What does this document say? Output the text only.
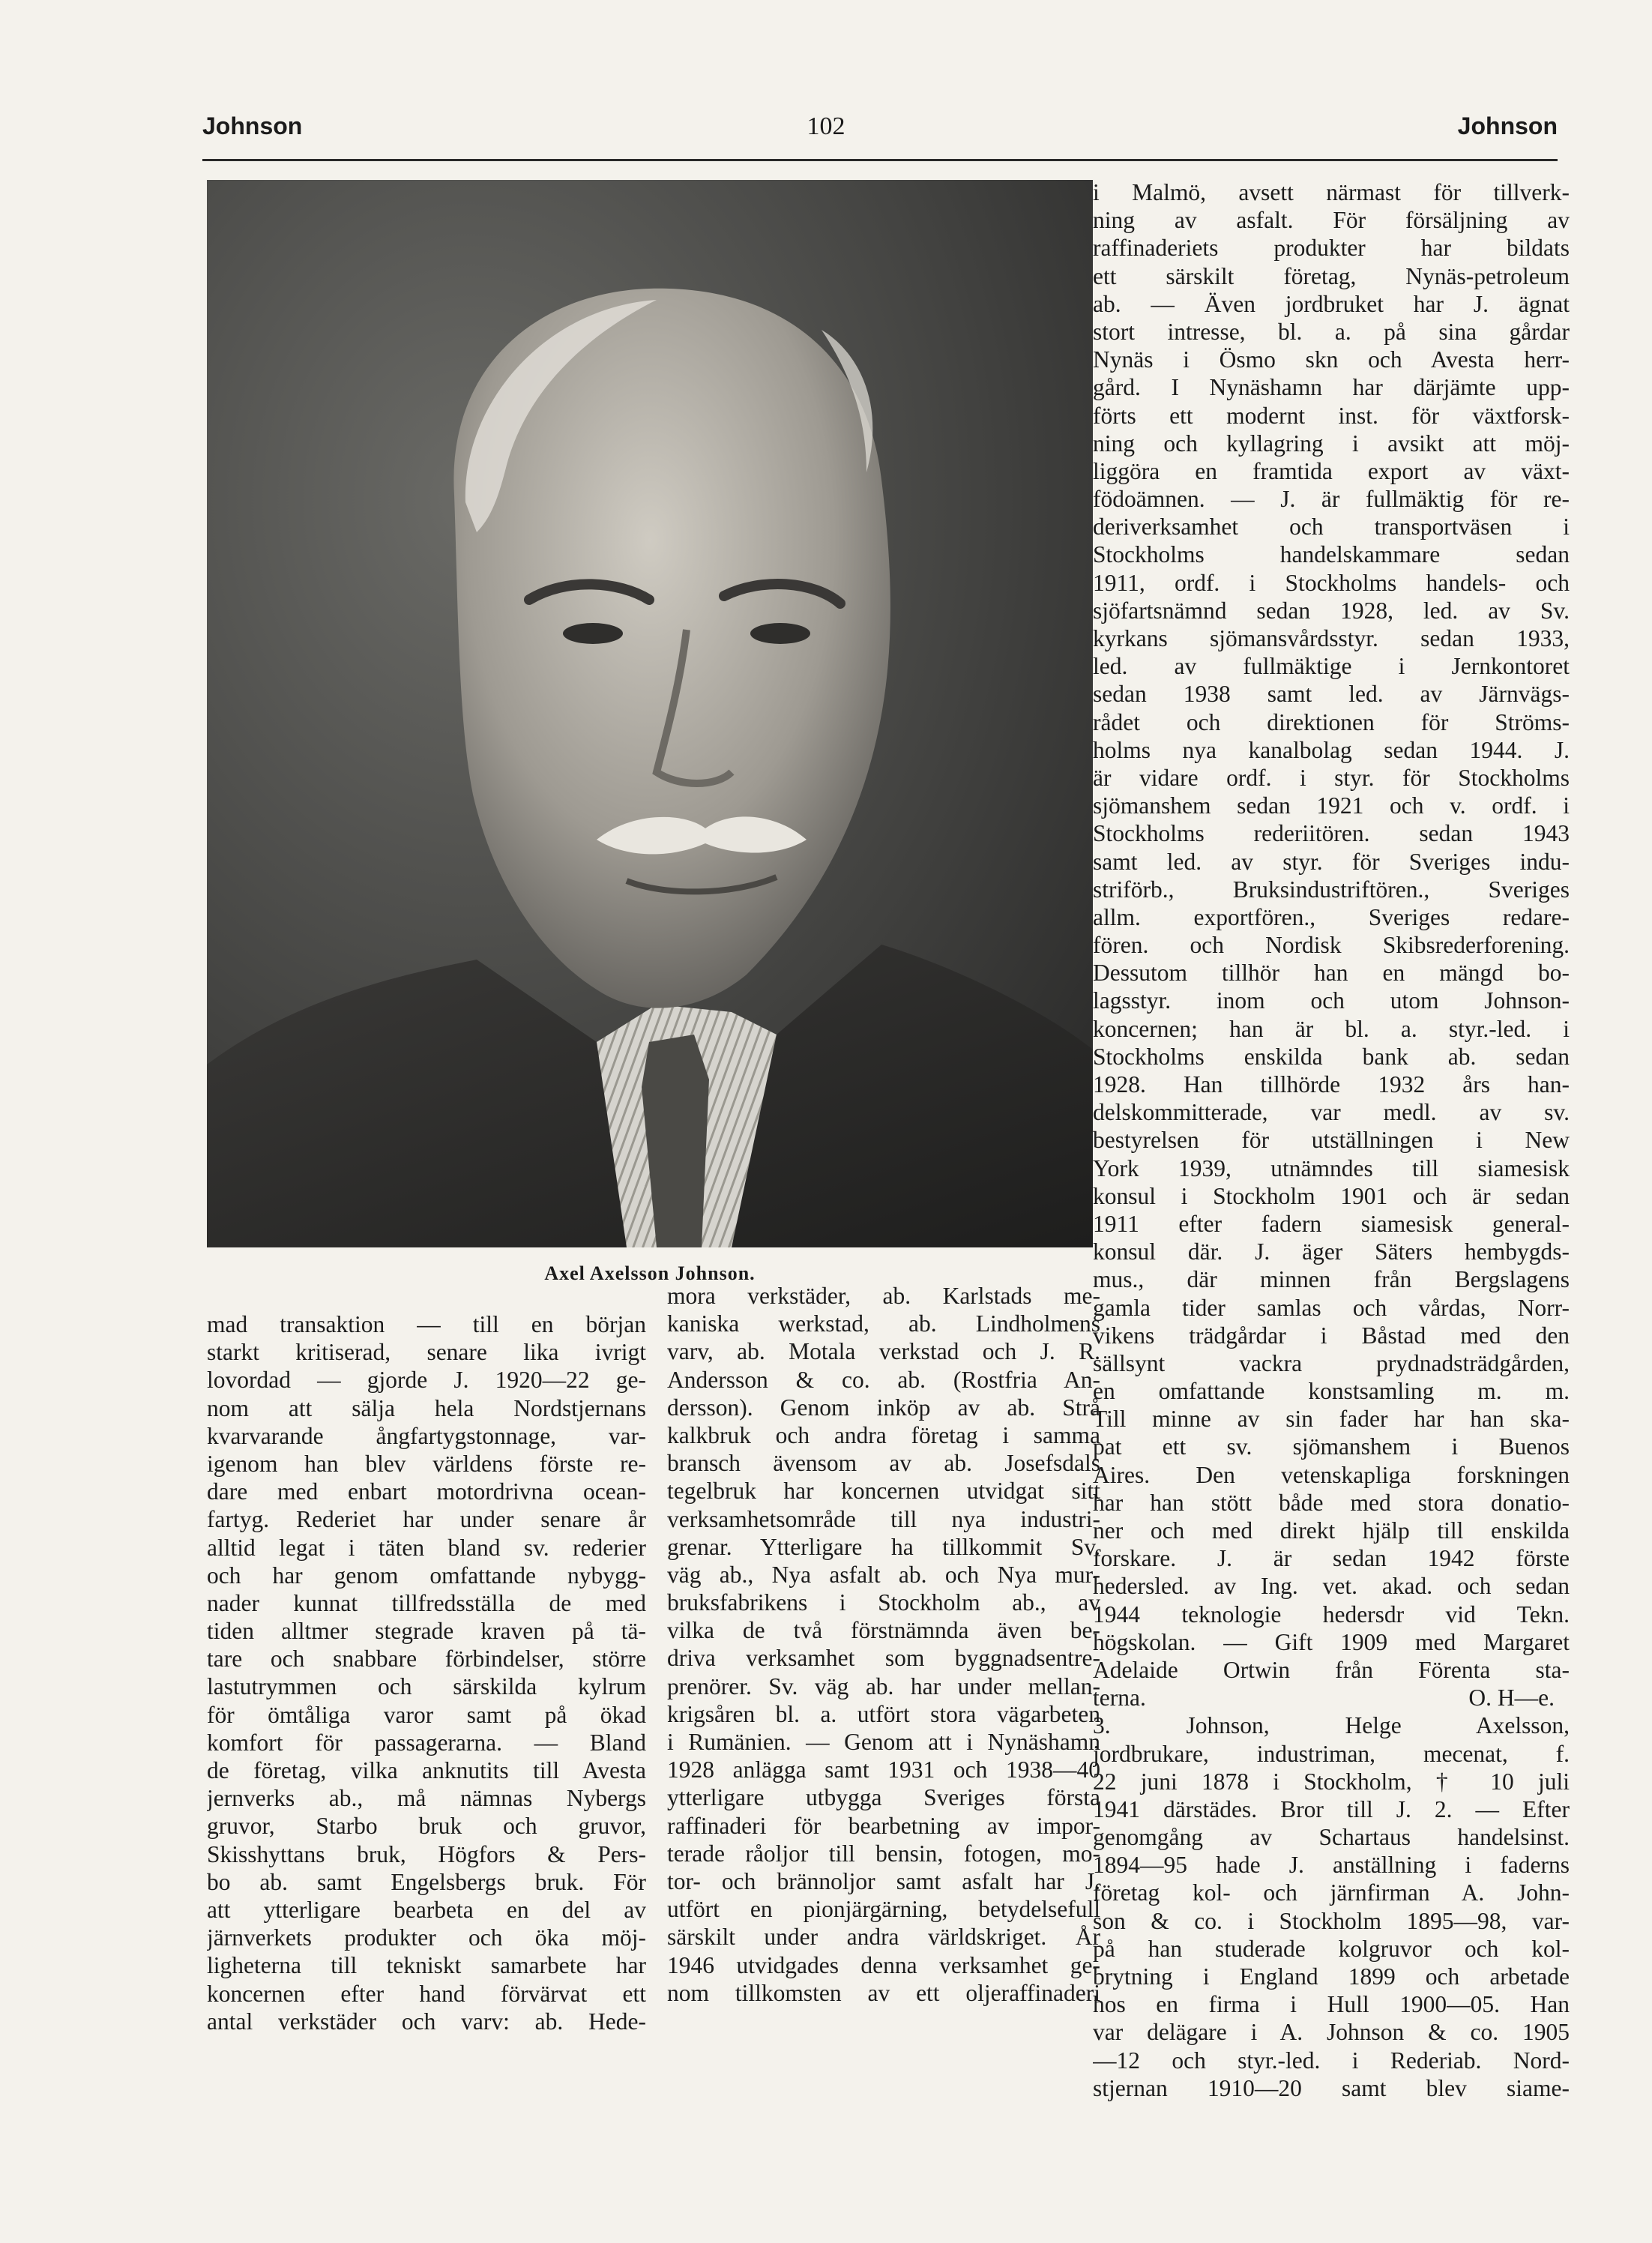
Johnson	102	Johnson
Axel Axelsson Johnson.
mad transaktion — till en början
starkt kritiserad, senare lika ivrigt
lovordad — gjorde J. 1920—22 ge-
nom att sälja hela Nordstjernans
kvarvarande ångfartygstonnage, var-
igenom han blev världens förste re-
dare med enbart motordrivna ocean-
fartyg. Rederiet har under senare år
alltid legat i täten bland sv. rederier
och har genom omfattande nybygg-
nader kunnat tillfredsställa de med
tiden alltmer stegrade kraven på tä-
tare och snabbare förbindelser, större
lastutrymmen och särskilda kylrum
för ömtåliga varor samt på ökad
komfort för passagerarna. — Bland
de företag, vilka anknutits till Avesta
jernverks ab., må nämnas Nybergs
gruvor, Starbo bruk och gruvor,
Skisshyttans bruk, Högfors & Pers-
bo ab. samt Engelsbergs bruk. För
att ytterligare bearbeta en del av
järnverkets produkter och öka möj-
ligheterna till tekniskt samarbete har
koncernen efter hand förvärvat ett
antal verkstäder och varv: ab. Hede-
mora verkstäder, ab. Karlstads me-
kaniska werkstad, ab. Lindholmens
varv, ab. Motala verkstad och J. R.
Andersson & co. ab. (Rostfria An-
dersson). Genom inköp av ab. Strå
kalkbruk och andra företag i samma
bransch ävensom av ab. Josefsdals
tegelbruk har koncernen utvidgat sitt
verksamhetsområde till nya industri-
grenar. Ytterligare ha tillkommit Sv.
väg ab., Nya asfalt ab. och Nya mur-
bruksfabrikens i Stockholm ab., av
vilka de två förstnämnda även be-
driva verksamhet som byggnadsentre-
prenörer. Sv. väg ab. har under mellan-
krigsåren bl. a. utfört stora vägarbeten
i Rumänien. — Genom att i Nynäshamn
1928 anlägga samt 1931 och 1938—40
ytterligare utbygga Sveriges första
raffinaderi för bearbetning av impor-
terade råoljor till bensin, fotogen, mo-
tor- och brännoljor samt asfalt har J.
utfört en pionjärgärning, betydelsefull
särskilt under andra världskriget. År
1946 utvidgades denna verksamhet ge-
nom tillkomsten av ett oljeraffinaderi
i Malmö, avsett närmast för tillverk-
ning av asfalt. För försäljning av
raffinaderiets produkter har bildats
ett särskilt företag, Nynäs-petroleum
ab. — Även jordbruket har J. ägnat
stort intresse, bl. a. på sina gårdar
Nynäs i Ösmo skn och Avesta herr-
gård. I Nynäshamn har därjämte upp-
förts ett modernt inst. för växtforsk-
ning och kyllagring i avsikt att möj-
liggöra en framtida export av växt-
födoämnen. — J. är fullmäktig för re-
deriverksamhet och transportväsen i
Stockholms handelskammare sedan
1911, ordf. i Stockholms handels- och
sjöfartsnämnd sedan 1928, led. av Sv.
kyrkans sjömansvårdsstyr. sedan 1933,
led. av fullmäktige i Jernkontoret
sedan 1938 samt led. av Järnvägs-
rådet och direktionen för Ströms-
holms nya kanalbolag sedan 1944. J.
är vidare ordf. i styr. för Stockholms
sjömanshem sedan 1921 och v. ordf. i
Stockholms rederiitören. sedan 1943
samt led. av styr. för Sveriges indu-
striförb., Bruksindustriftören., Sveriges
allm. exportfören., Sveriges redare-
fören. och Nordisk Skibsrederforening.
Dessutom tillhör han en mängd bo-
lagsstyr. inom och utom Johnson-
koncernen; han är bl. a. styr.-led. i
Stockholms enskilda bank ab. sedan
1928. Han tillhörde 1932 års han-
delskommitterade, var medl. av sv.
bestyrelsen för utställningen i New
York 1939, utnämndes till siamesisk
konsul i Stockholm 1901 och är sedan
1911 efter fadern siamesisk general-
konsul där. J. äger Säters hembygds-
mus., där minnen från Bergslagens
gamla tider samlas och vårdas, Norr-
vikens trädgårdar i Båstad med den
sällsynt vackra prydnadsträdgården,
en omfattande konstsamling m. m.
Till minne av sin fader har han ska-
pat ett sv. sjömanshem i Buenos
Aires. Den vetenskapliga forskningen
har han stött både med stora donatio-
ner och med direkt hjälp till enskilda
forskare. J. är sedan 1942 förste
hedersled. av Ing. vet. akad. och sedan
1944 teknologie hedersdr vid Tekn.
högskolan. — Gift 1909 med Margaret
Adelaide Ortwin från Förenta sta-
terna.	O. H—e.
3. Johnson, Helge Axelsson,
jordbrukare, industriman, mecenat, f.
22 juni 1878 i Stockholm, † 10 juli
1941 därstädes. Bror till J. 2. — Efter
genomgång av Schartaus handelsinst.
1894—95 hade J. anställning i faderns
företag kol- och järnfirman A. John-
son & co. i Stockholm 1895—98, var-
på han studerade kolgruvor och kol-
brytning i England 1899 och arbetade
hos en firma i Hull 1900—05. Han
var delägare i A. Johnson & co. 1905
—12 och styr.-led. i Rederiab. Nord-
stjernan 1910—20 samt blev siame-
